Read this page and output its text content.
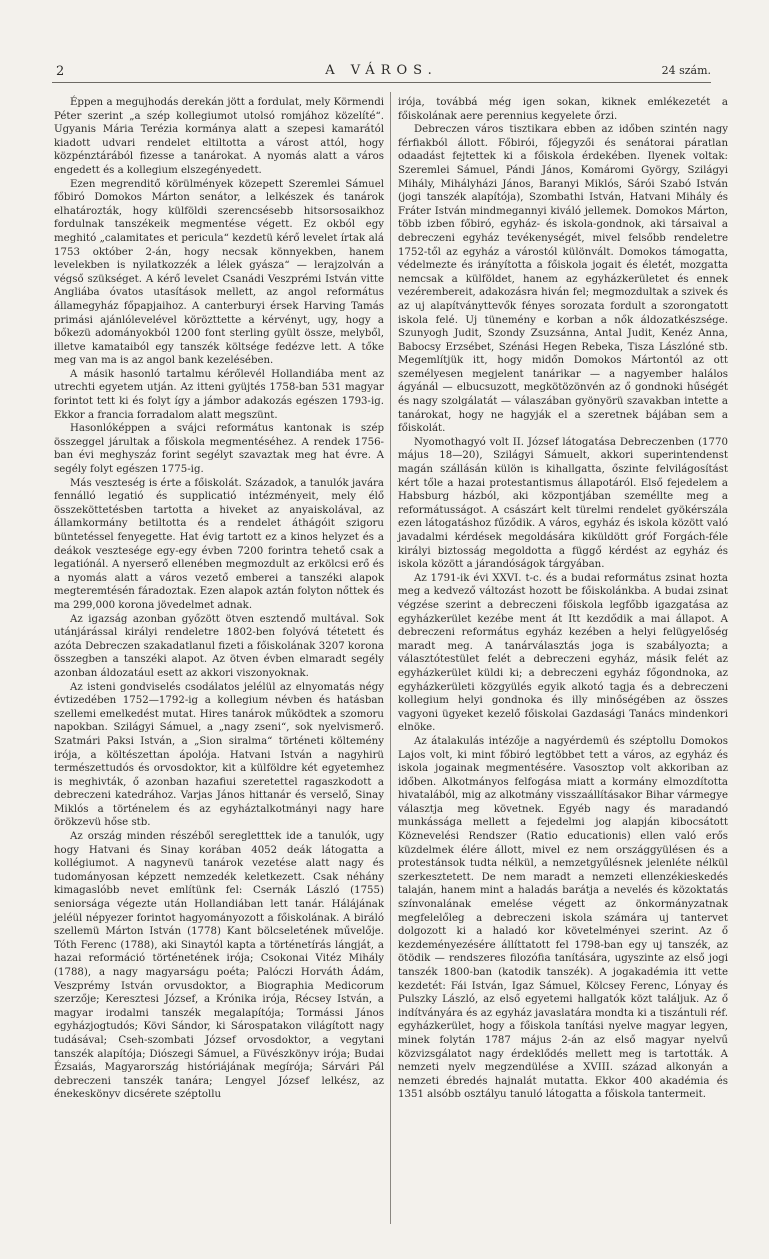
2	A VÁROS.	24 szám.

Éppen a megujhodás derekán jött a fordulat, mely Körmendi Péter szerint „a szép kollegiumot utolsó romjához közelíté“. Ugyanis Mária Terézia kormánya alatt a szepesi kamarától kiadott udvari rendelet eltiltotta a várost attól, hogy közpénztárából fizesse a tanárokat. A nyomás alatt a város engedett és a kollegium elszegényedett.

Ezen megrenditő körülmények közepett Szeremlei Sámuel főbiró Domokos Márton senátor, a lelkészek és tanárok elhatározták, hogy külföldi szerencsésebb hitsorsosaikhoz fordulnak tanszékeik megmentése végett. Ez okból egy meghitó „calamitates et pericula“ kezdetü kérő levelet írtak alá 1753 október 2-án, hogy necsak könnyekben, hanem levelekben is nyilatkozzék a lélek gyásza“ — lerajzolván a végső szükséget. A kérő levelet Csanádi Veszprémi István vitte Angliába óvatos utasítások mellett, az angol református államegyház főpapjaihoz. A canterburyi érsek Harving Tamás primási ajánlólevelével körözttette a kérvényt, ugy, hogy a bőkezü adományokból 1200 font sterling gyült össze, melyből, illetve kamataiból egy tanszék költsége fedézve lett. A tőke meg van ma is az angol bank kezelésében.

A másik hasonló tartalmu kérőlevél Hollandiába ment az utrechti egyetem utján. Az itteni gyüjtés 1758-ban 531 magyar forintot tett ki és folyt így a jámbor adakozás egészen 1793-ig. Ekkor a francia forradalom alatt megszünt.

Hasonlóképpen a svájci református kantonak is szép összeggel járultak a főiskola megmentéséhez. A rendek 1756-ban évi meghyszáz forint segélyt szavaztak meg hat évre. A segély folyt egészen 1775-ig.

Más veszteség is érte a főiskolát. Századok, a tanulók javára fennálló legatió és supplicatió intézményeit, mely élő összeköttetésben tartotta a hiveket az anyaiskolával, az államkormány betiltotta és a rendelet áthágóit szigoru büntetéssel fenyegette. Hat évig tartott ez a kinos helyzet és a deákok vesztesége egy-egy évben 7200 forintra tehető csak a legatiónál. A nyerserő ellenében megmozdult az erkölcsi erő és a nyomás alatt a város vezető emberei a tanszéki alapok megteremtésén fáradoztak. Ezen alapok aztán folyton nőttek és ma 299,000 korona jövedelmet adnak.

Az igazság azonban győzött ötven esztendő multával. Sok utánjárással királyi rendeletre 1802-ben folyóvá tétetett és azóta Debreczen szakadatlanul fizeti a főiskolának 3207 korona összegben a tanszéki alapot. Az ötven évben elmaradt segély azonban áldozatául esett az akkori viszonyoknak.

Az isteni gondviselés csodálatos jelélül az elnyomatás négy évtizedében 1752—1792-ig a kollegium névben és hatásban szellemi emelkedést mutat. Hires tanárok működtek a szomoru napokban. Szilágyi Sámuel, a „nagy zseni“, sok nyelvismerő. Szatmári Paksi István, a „Sion siralma“ történeti költemény irója, a költészettan ápolója. Hatvani István a nagyhirü természettudós és orvosdoktor, kit a külföldre két egyetemhez is meghivták, ő azonban hazafiui szeretettel ragaszkodott a debreczeni katedrához. Varjas János hittanár és verselő, Sinay Miklós a történelem és az egyháztalkotmányi nagy hare örökzevü hőse stb.

Az ország minden részéből seregletttek ide a tanulók, ugy hogy Hatvani és Sinay korában 4052 deák látogatta a kollégiumot. A nagynevü tanárok vezetése alatt nagy és tudományosan képzett nemzedék keletkezett. Csak néhány kimagaslóbb nevet említünk fel: Csernák László (1755) seniorsága végezte után Hollandiában lett tanár. Hálájának jeléül népyezer forintot hagyományozott a főiskolának. A biráló szellemü Márton István (1778) Kant bölcseletének művelője. Tóth Ferenc (1788), aki Sinaytól kapta a történetírás lángját, a hazai reformáció történetének irója; Csokonai Vitéz Mihály (1788), a nagy magyarságu poéta; Palóczi Horváth Ádám, Veszprémy István orvusdoktor, a Biographia Medicorum szerzője; Keresztesi József, a Krónika irója, Récsey István, a magyar irodalmi tanszék megalapítója; Tormássi János egyházjogtudós; Kövi Sándor, ki Sárospatakon világított nagy tudásával; Cseh-szombati József orvosdoktor, a vegytani tanszék alapítója; Diószegi Sámuel, a Füvészkönyv irója; Budai Ézsaiás, Magyarország históriájának megírója; Sárvári Pál debreczeni tanszék tanára; Lengyel József lelkész, az énekeskönyv dicsérete széptollu

irója, továbbá még igen sokan, kiknek emlékezetét a főiskolának aere perennius kegyelete őrzi.

Debreczen város tisztikara ebben az időben szintén nagy férfiakból állott. Főbirói, főjegyzői és senátorai páratlan odaadást fejtettek ki a főiskola érdekében. Ilyenek voltak: Szeremlei Sámuel, Pándi János, Komáromi György, Szilágyi Mihály, Mihályházi János, Baranyi Miklós, Sárói Szabó István (jogi tanszék alapítója), Szombathi István, Hatvani Mihály és Fráter István mindmegannyi kiváló jellemek. Domokos Márton, több izben főbiró, egyház- és iskola-gondnok, aki társaival a debreczeni egyház tevékenységét, mivel felsőbb rendeletre 1752-től az egyház a várostól különvált. Domokos támogatta, védelmezte és irányította a főiskola jogait és életét, mozgatta nemcsak a külföldet, hanem az egyházkerületet és ennek vezérembereit, adakozásra hiván fel; megmozdultak a szivek és az uj alapítványttevők fényes sorozata fordult a szorongatott iskola felé. Uj tünemény e korban a nők áldozatkészsége. Szunyogh Judit, Szondy Zsuzsánna, Antal Judit, Kenéz Anna, Babocsy Erzsébet, Szénási Hegen Rebeka, Tisza Lászlóné stb. Megemlítjük itt, hogy midőn Domokos Mártontól az ott személyesen megjelent tanárikar — a nagyember halálos ágyánál — elbucsuzott, megkötözönvén az ő gondnoki hűségét és nagy szolgálatát — válaszában gyönyörü szavakban intette a tanárokat, hogy ne hagyják el a szeretnek bájában sem a főiskolát.

Nyomothagyó volt II. József látogatása Debreczenben (1770 május 18—20), Szilágyi Sámuelt, akkori superintendenst magán szállásán külön is kihallgatta, őszinte felvilágosítást kért tőle a hazai protestantismus állapotáról. Első fejedelem a Habsburg házból, aki központjában személlte meg a reformátusságot. A császárt kelt türelmi rendelet gyökérszála ezen látogatáshoz fűződik. A város, egyház és iskola között való javadalmi kérdések megoldására kiküldött gróf Forgách-féle királyi biztosság megoldotta a függő kérdést az egyház és iskola között a járandóságok tárgyában.

Az 1791-ik évi XXVI. t-c. és a budai református zsinat hozta meg a kedvező változást hozott be főiskolánkba. A budai zsinat végzése szerint a debreczeni főiskola legfőbb igazgatása az egyházkerület kezébe ment át Itt kezdődik a mai állapot. A debreczeni református egyház kezében a helyi felügyelőség maradt meg. A tanárválasztás joga is szabályozta; a választótestület felét a debreczeni egyház, másik felét az egyházkerület küldi ki; a debreczeni egyház főgondnoka, az egyházkerületi közgyülés egyik alkotó tagja és a debreczeni kollegium helyi gondnoka és illy minőségében az összes vagyoni ügyeket kezelő főiskolai Gazdasági Tanács mindenkori elnöke.

Az átalakulás intézője a nagyérdemü és széptollu Domokos Lajos volt, ki mint főbiró legtöbbet tett a város, az egyház és iskola jogainak megmentésére. Vasosztop volt akkoriban az időben. Alkotmányos felfogása miatt a kormány elmozdította hivatalából, mig az alkotmány visszaállításakor Bihar vármegye választja meg követnek. Egyéb nagy és maradandó munkássága mellett a fejedelmi jog alapján kibocsátott Köznevelési Rendszer (Ratio educationis) ellen való erős küzdelmek élére állott, mivel ez nem országgyülésen és a protestánsok tudta nélkül, a nemzetgyűlésnek jelenléte nélkül szerkesztetett. De nem maradt a nemzeti ellenzékieskedés talaján, hanem mint a haladás barátja a nevelés és közoktatás színvonalának emelése végett az önkormányzatnak megfelelőleg a debreczeni iskola számára uj tantervet dolgozott ki a haladó kor követelményei szerint. Az ő kezdeményezésére állíttatott fel 1798-ban egy uj tanszék, az ötödik — rendszeres filozófia tanítására, ugyszinte az első jogi tanszék 1800-ban (katodik tanszék). A jogakadémia itt vette kezdetét: Fái István, Igaz Sámuel, Kölcsey Ferenc, Lónyay és Pulszky László, az első egyetemi hallgatók közt találjuk. Az ő indítványára és az egyház javaslatára mondta ki a tiszántuli réf. egyházkerület, hogy a főiskola tanítási nyelve magyar legyen, minek folytán 1787 május 2-án az első magyar nyelvű közvizsgálatot nagy érdeklődés mellett meg is tartották. A nemzeti nyelv megzendülése a XVIII. század alkonyán a nemzeti ébredés hajnalát mutatta. Ekkor 400 akadémia és 1351 alsóbb osztályu tanuló látogatta a főiskola tantermeit.
